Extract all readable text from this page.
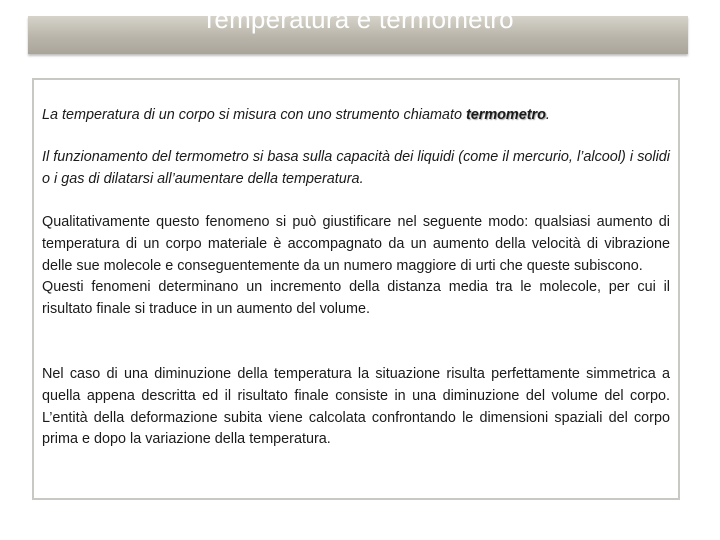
Temperatura e termometro

La temperatura di un corpo si misura con uno strumento chiamato termometro.

Il funzionamento del termometro si basa sulla capacità dei liquidi (come il mercurio, l’alcool) i solidi o i gas di dilatarsi all’aumentare della temperatura.

Qualitativamente questo fenomeno si può giustificare nel seguente modo: qualsiasi aumento di temperatura di un corpo materiale è accompagnato da un aumento della velocità di vibrazione delle sue molecole e conseguentemente da un numero maggiore di urti che queste subiscono.
Questi fenomeni determinano un incremento della distanza media tra le molecole, per cui il risultato finale si traduce in un aumento del volume.

Nel caso di una diminuzione della temperatura la situazione risulta perfettamente simmetrica a quella appena descritta ed il risultato finale consiste in una diminuzione del volume del corpo. L’entità della deformazione subita viene calcolata confrontando le dimensioni spaziali del corpo prima e dopo la variazione della temperatura.
